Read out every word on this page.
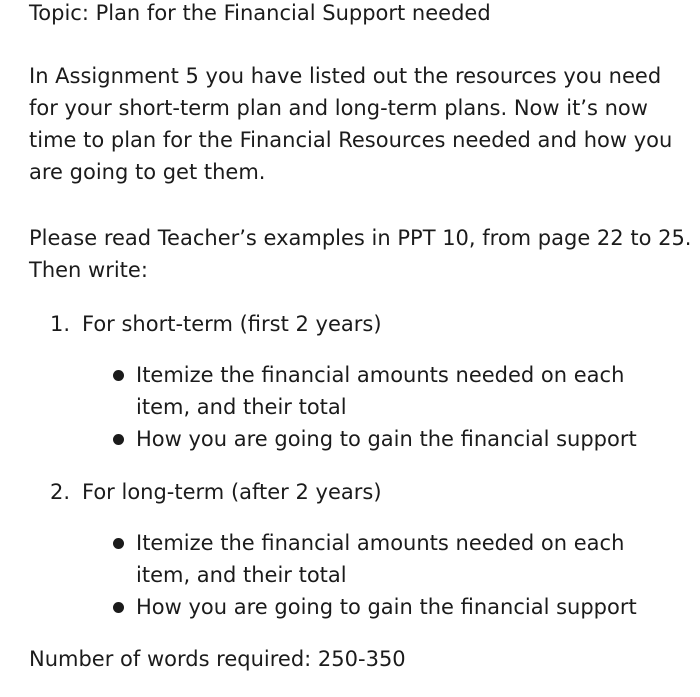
Topic: Plan for the Financial Support needed
In Assignment 5 you have listed out the resources you need
for your short-term plan and long-term plans. Now it’s now
time to plan for the Financial Resources needed and how you
are going to get them.
Please read Teacher’s examples in PPT 10, from page 22 to 25.
Then write:
1. For short-term (first 2 years)
Itemize the financial amounts needed on each
item, and their total
How you are going to gain the financial support
2. For long-term (after 2 years)
Itemize the financial amounts needed on each
item, and their total
How you are going to gain the financial support
Number of words required: 250-350
